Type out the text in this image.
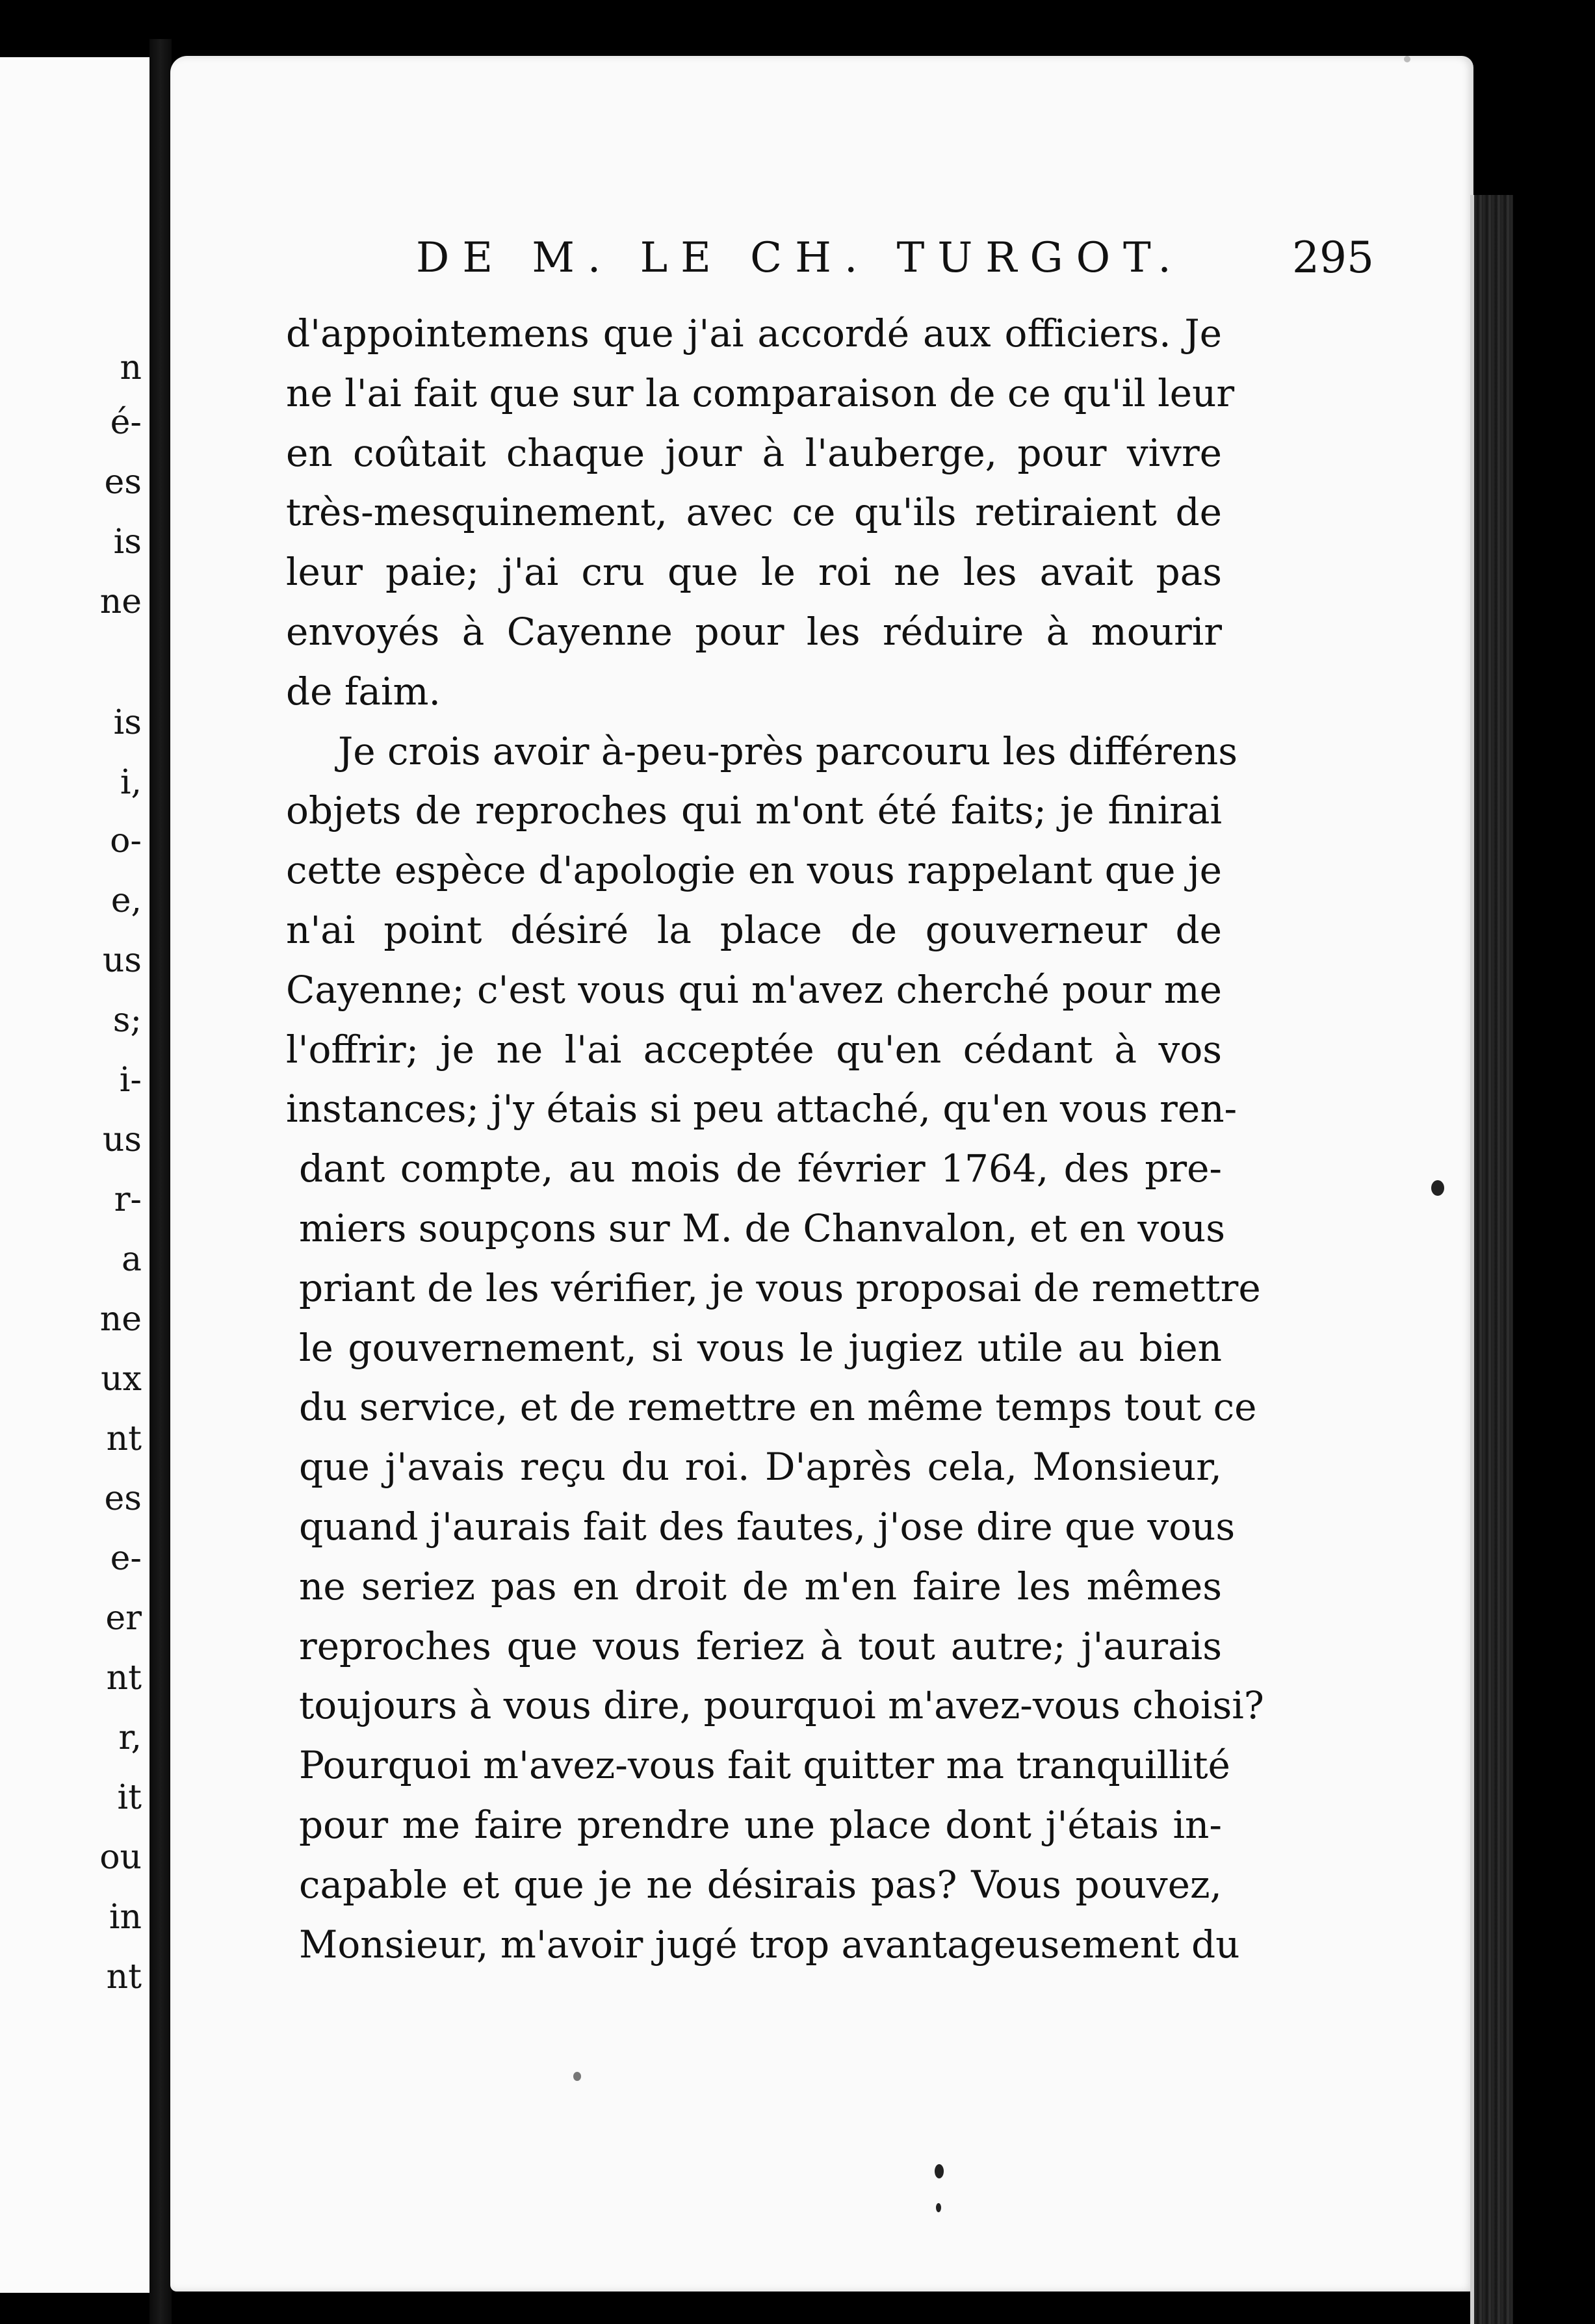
n
é-
es
is
ne
is
i,
o-
e,
us
s;
i-
us
r-
a
ne
ux
nt
es
e-
er
nt
r,
it
ou
in
nt
DE M. LE CH. TURGOT.	295
d'appointemens que j'ai accordé aux officiers. Je
ne l'ai fait que sur la comparaison de ce qu'il leur
en coûtait chaque jour à l'auberge, pour vivre
très-mesquinement, avec ce qu'ils retiraient de
leur paie; j'ai cru que le roi ne les avait pas
envoyés à Cayenne pour les réduire à mourir
de faim.
Je crois avoir à-peu-près parcouru les différens
objets de reproches qui m'ont été faits; je finirai
cette espèce d'apologie en vous rappelant que je
n'ai point désiré la place de gouverneur de
Cayenne; c'est vous qui m'avez cherché pour me
l'offrir; je ne l'ai acceptée qu'en cédant à vos
instances; j'y étais si peu attaché, qu'en vous ren-
dant compte, au mois de février 1764, des pre-
miers soupçons sur M. de Chanvalon, et en vous
priant de les vérifier, je vous proposai de remettre
le gouvernement, si vous le jugiez utile au bien
du service, et de remettre en même temps tout ce
que j'avais reçu du roi. D'après cela, Monsieur,
quand j'aurais fait des fautes, j'ose dire que vous
ne seriez pas en droit de m'en faire les mêmes
reproches que vous feriez à tout autre; j'aurais
toujours à vous dire, pourquoi m'avez-vous choisi?
Pourquoi m'avez-vous fait quitter ma tranquillité
pour me faire prendre une place dont j'étais in-
capable et que je ne désirais pas? Vous pouvez,
Monsieur, m'avoir jugé trop avantageusement du
